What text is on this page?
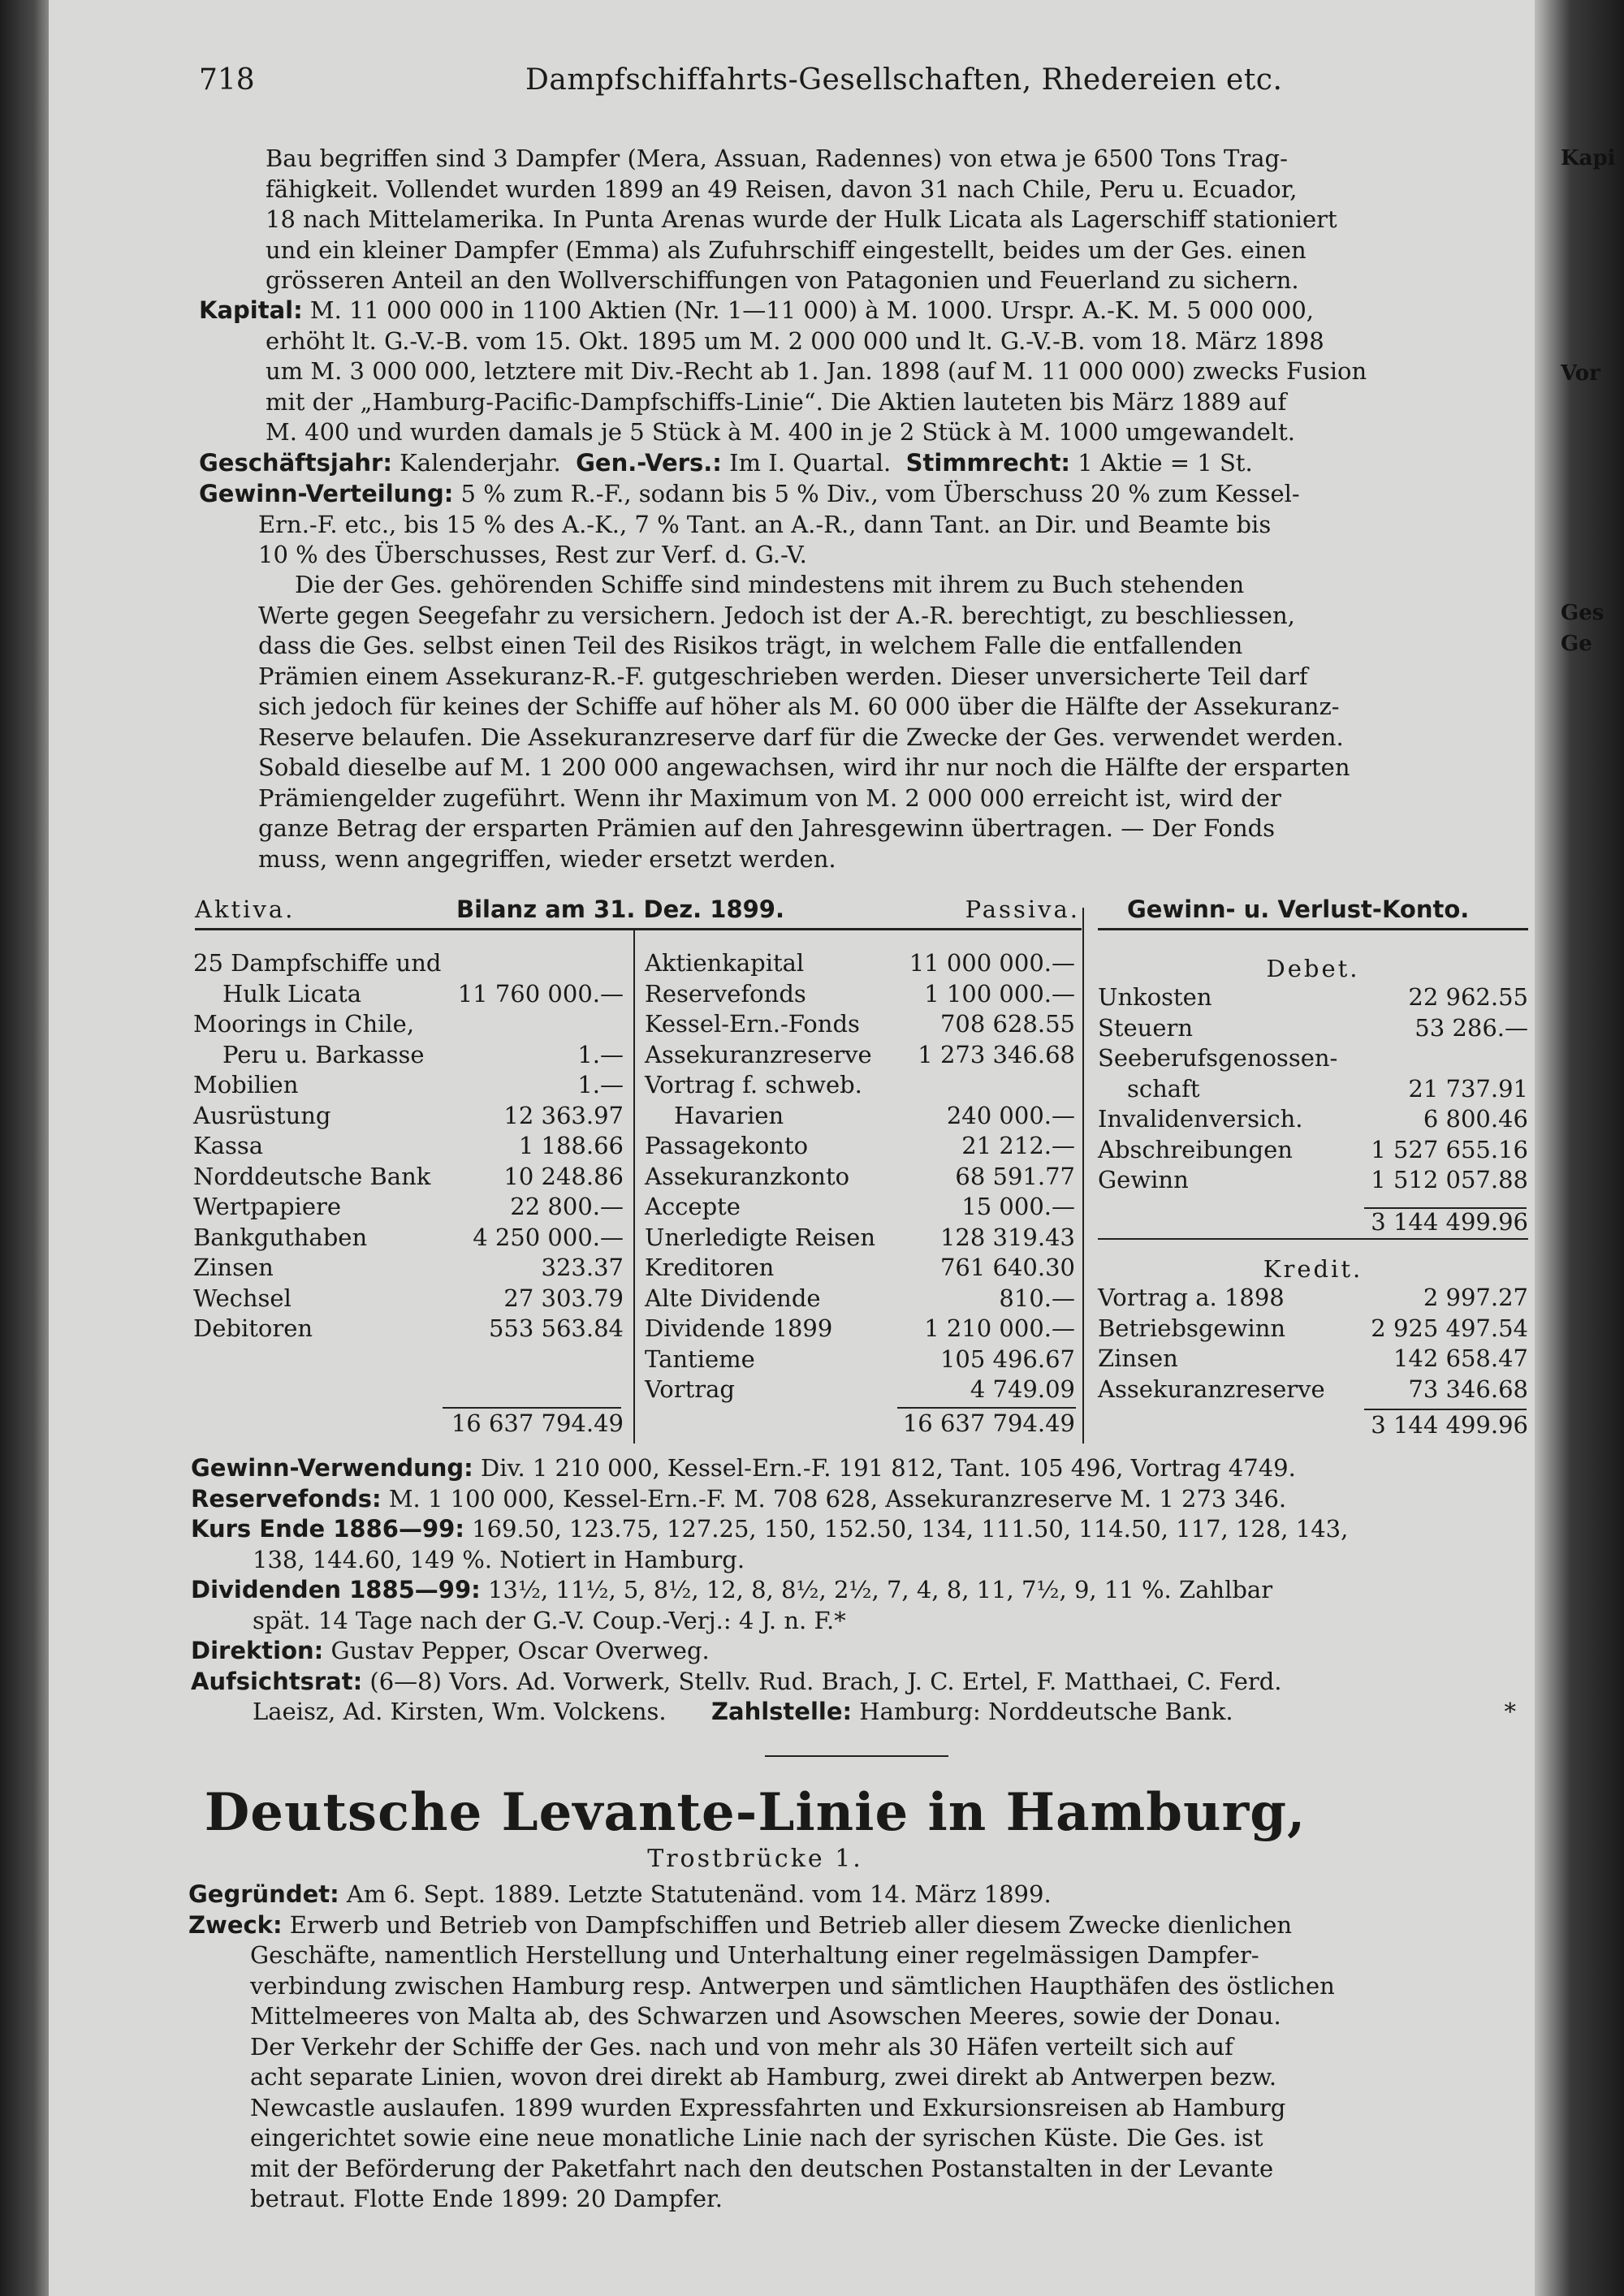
Kapi
Vor
Ges
Ge
718	Dampfschiffahrts-Gesellschaften, Rhedereien etc.
Bau begriffen sind 3 Dampfer (Mera, Assuan, Radennes) von etwa je 6500 Tons Trag-
fähigkeit. Vollendet wurden 1899 an 49 Reisen, davon 31 nach Chile, Peru u. Ecuador,
18 nach Mittelamerika. In Punta Arenas wurde der Hulk Licata als Lagerschiff stationiert
und ein kleiner Dampfer (Emma) als Zufuhrschiff eingestellt, beides um der Ges. einen
grösseren Anteil an den Wollverschiffungen von Patagonien und Feuerland zu sichern.
Kapital: M. 11 000 000 in 1100 Aktien (Nr. 1—11 000) à M. 1000. Urspr. A.-K. M. 5 000 000,
erhöht lt. G.-V.-B. vom 15. Okt. 1895 um M. 2 000 000 und lt. G.-V.-B. vom 18. März 1898
um M. 3 000 000, letztere mit Div.-Recht ab 1. Jan. 1898 (auf M. 11 000 000) zwecks Fusion
mit der „Hamburg-Pacific-Dampfschiffs-Linie“. Die Aktien lauteten bis März 1889 auf
M. 400 und wurden damals je 5 Stück à M. 400 in je 2 Stück à M. 1000 umgewandelt.
Geschäftsjahr: Kalenderjahr. Gen.-Vers.: Im I. Quartal. Stimmrecht: 1 Aktie = 1 St.
Gewinn-Verteilung: 5 % zum R.-F., sodann bis 5 % Div., vom Überschuss 20 % zum Kessel-
Ern.-F. etc., bis 15 % des A.-K., 7 % Tant. an A.-R., dann Tant. an Dir. und Beamte bis
10 % des Überschusses, Rest zur Verf. d. G.-V.
Die der Ges. gehörenden Schiffe sind mindestens mit ihrem zu Buch stehenden
Werte gegen Seegefahr zu versichern. Jedoch ist der A.-R. berechtigt, zu beschliessen,
dass die Ges. selbst einen Teil des Risikos trägt, in welchem Falle die entfallenden
Prämien einem Assekuranz-R.-F. gutgeschrieben werden. Dieser unversicherte Teil darf
sich jedoch für keines der Schiffe auf höher als M. 60 000 über die Hälfte der Assekuranz-
Reserve belaufen. Die Assekuranzreserve darf für die Zwecke der Ges. verwendet werden.
Sobald dieselbe auf M. 1 200 000 angewachsen, wird ihr nur noch die Hälfte der ersparten
Prämiengelder zugeführt. Wenn ihr Maximum von M. 2 000 000 erreicht ist, wird der
ganze Betrag der ersparten Prämien auf den Jahresgewinn übertragen. — Der Fonds
muss, wenn angegriffen, wieder ersetzt werden.
Aktiva.	Bilanz am 31. Dez. 1899.	Passiva. Gewinn- u. Verlust-Konto.
25 Dampfschiffe und
Hulk Licata	11 760 000.—
Moorings in Chile,
Peru u. Barkasse	1.—
Mobilien	1.—
Ausrüstung	12 363.97
Kassa	1 188.66
Norddeutsche Bank	10 248.86
Wertpapiere	22 800.—
Bankguthaben	4 250 000.—
Zinsen	323.37
Wechsel	27 303.79
Debitoren	553 563.84
16 637 794.49
Aktienkapital	11 000 000.—
Reservefonds	1 100 000.—
Kessel-Ern.-Fonds	708 628.55
Assekuranzreserve 1 273 346.68
Vortrag f. schweb.
Havarien	240 000.—
Passagekonto	21 212.—
Assekuranzkonto	68 591.77
Accepte	15 000.—
Unerledigte Reisen	128 319.43
Kreditoren	761 640.30
Alte Dividende	810.—
Dividende 1899	1 210 000.—
Tantieme	105 496.67
Vortrag	4 749.09
16 637 794.49
Debet.
Unkosten	22 962.55
Steuern	53 286.—
Seeberufsgenossen-
schaft	21 737.91
Invalidenversich.	6 800.46
Abschreibungen	1 527 655.16
Gewinn	1 512 057.88
3 144 499.96
Kredit.
Vortrag a. 1898	2 997.27
Betriebsgewinn	2 925 497.54
Zinsen	142 658.47
Assekuranzreserve	73 346.68
3 144 499.96
Gewinn-Verwendung: Div. 1 210 000, Kessel-Ern.-F. 191 812, Tant. 105 496, Vortrag 4749.
Reservefonds: M. 1 100 000, Kessel-Ern.-F. M. 708 628, Assekuranzreserve M. 1 273 346.
Kurs Ende 1886—99: 169.50, 123.75, 127.25, 150, 152.50, 134, 111.50, 114.50, 117, 128, 143,
138, 144.60, 149 %. Notiert in Hamburg.
Dividenden 1885—99: 13½, 11½, 5, 8½, 12, 8, 8½, 2½, 7, 4, 8, 11, 7½, 9, 11 %. Zahlbar
spät. 14 Tage nach der G.-V. Coup.-Verj.: 4 J. n. F.*
Direktion: Gustav Pepper, Oscar Overweg.
Aufsichtsrat: (6—8) Vors. Ad. Vorwerk, Stellv. Rud. Brach, J. C. Ertel, F. Matthaei, C. Ferd.
Laeisz, Ad. Kirsten, Wm. Volckens. Zahlstelle: Hamburg: Norddeutsche Bank.	*
Deutsche Levante-Linie in Hamburg,
Trostbrücke 1.
Gegründet: Am 6. Sept. 1889. Letzte Statutenänd. vom 14. März 1899.
Zweck: Erwerb und Betrieb von Dampfschiffen und Betrieb aller diesem Zwecke dienlichen
Geschäfte, namentlich Herstellung und Unterhaltung einer regelmässigen Dampfer-
verbindung zwischen Hamburg resp. Antwerpen und sämtlichen Haupthäfen des östlichen
Mittelmeeres von Malta ab, des Schwarzen und Asowschen Meeres, sowie der Donau.
Der Verkehr der Schiffe der Ges. nach und von mehr als 30 Häfen verteilt sich auf
acht separate Linien, wovon drei direkt ab Hamburg, zwei direkt ab Antwerpen bezw.
Newcastle auslaufen. 1899 wurden Expressfahrten und Exkursionsreisen ab Hamburg
eingerichtet sowie eine neue monatliche Linie nach der syrischen Küste. Die Ges. ist
mit der Beförderung der Paketfahrt nach den deutschen Postanstalten in der Levante
betraut. Flotte Ende 1899: 20 Dampfer.
